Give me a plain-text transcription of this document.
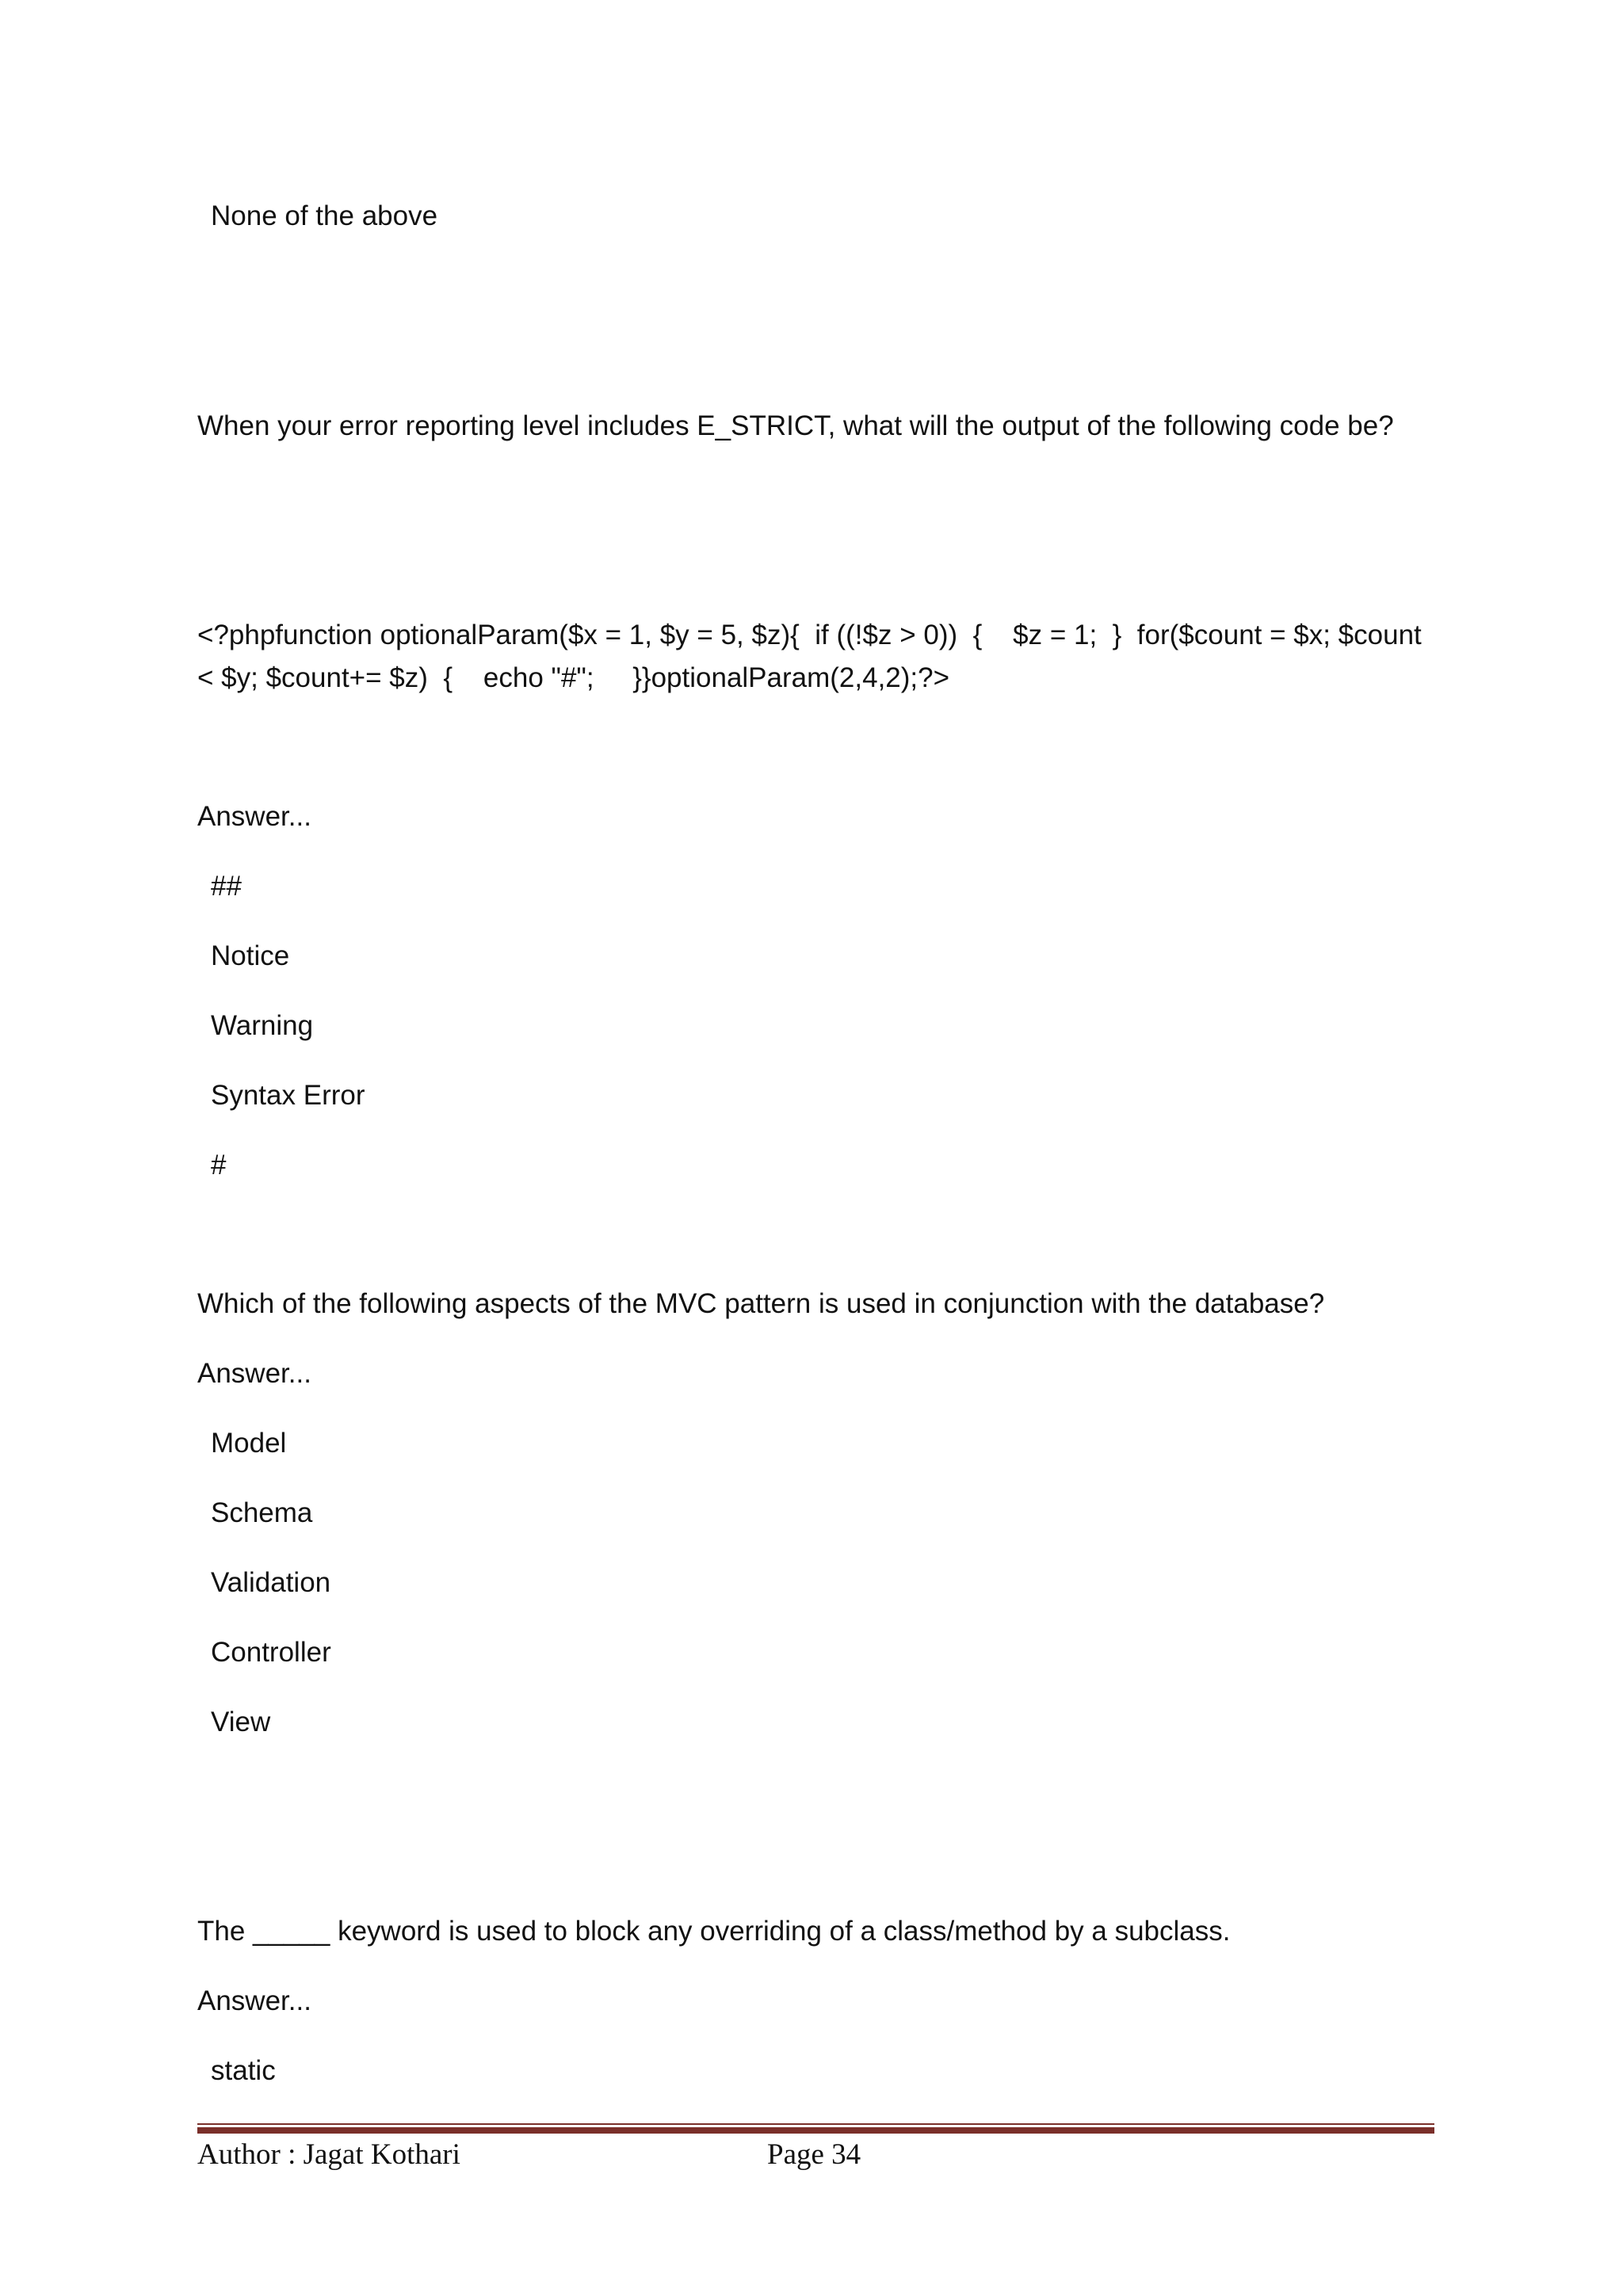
None of the above
When your error reporting level includes E_STRICT, what will the output of the following code be?
<?phpfunction optionalParam($x = 1, $y = 5, $z){  if ((!$z > 0))  {    $z = 1;  }  for($count = $x; $count < $y; $count+= $z)  {    echo "#";     }}optionalParam(2,4,2);?>
Answer...
##
Notice
Warning
Syntax Error
#
Which of the following aspects of the MVC pattern is used in conjunction with the database?
Answer...
Model
Schema
Validation
Controller
View
The _____ keyword is used to block any overriding of a class/method by a subclass.
Answer...
static
Author : Jagat Kothari	Page 34
